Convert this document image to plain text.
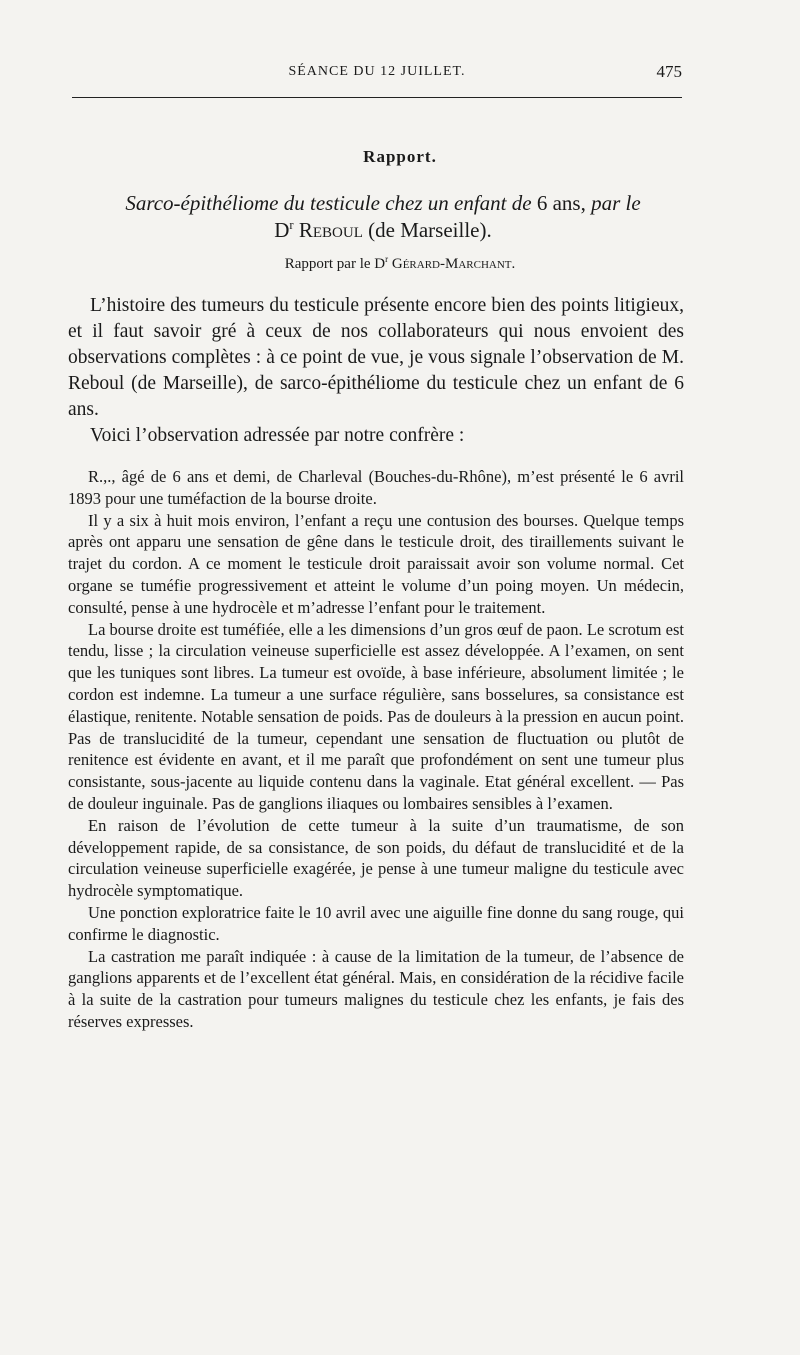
SÉANCE DU 12 JUILLET.	475
Rapport.
Sarco-épithéliome du testicule chez un enfant de 6 ans, par le
$D^r$ Reboul (de Marseille).
Rapport par le $D^r$ Gérard-Marchant.

L’histoire des tumeurs du testicule présente encore bien des points litigieux, et il faut savoir gré à ceux de nos collaborateurs qui nous envoient des observations complètes : à ce point de vue, je vous signale l’observation de M. Reboul (de Marseille), de sarco-épithéliome du testicule chez un enfant de 6 ans.

Voici l’observation adressée par notre confrère :

R.,., âgé de 6 ans et demi, de Charleval (Bouches-du-Rhône), m’est présenté le 6 avril 1893 pour une tuméfaction de la bourse droite.

Il y a six à huit mois environ, l’enfant a reçu une contusion des bourses. Quelque temps après ont apparu une sensation de gêne dans le testicule droit, des tiraillements suivant le trajet du cordon. A ce moment le testicule droit paraissait avoir son volume normal. Cet organe se tuméfie progressivement et atteint le volume d’un poing moyen. Un médecin, consulté, pense à une hydrocèle et m’adresse l’enfant pour le traitement.

La bourse droite est tuméfiée, elle a les dimensions d’un gros œuf de paon. Le scrotum est tendu, lisse ; la circulation veineuse superficielle est assez développée. A l’examen, on sent que les tuniques sont libres. La tumeur est ovoïde, à base inférieure, absolument limitée ; le cordon est indemne. La tumeur a une surface régulière, sans bosselures, sa consistance est élastique, renitente. Notable sensation de poids. Pas de douleurs à la pression en aucun point. Pas de translucidité de la tumeur, cependant une sensation de fluctuation ou plutôt de renitence est évidente en avant, et il me paraît que profondément on sent une tumeur plus consistante, sous-jacente au liquide contenu dans la vaginale. Etat général excellent. — Pas de douleur inguinale. Pas de ganglions iliaques ou lombaires sensibles à l’examen.

En raison de l’évolution de cette tumeur à la suite d’un traumatisme, de son développement rapide, de sa consistance, de son poids, du défaut de translucidité et de la circulation veineuse superficielle exagérée, je pense à une tumeur maligne du testicule avec hydrocèle symptomatique.

Une ponction exploratrice faite le 10 avril avec une aiguille fine donne du sang rouge, qui confirme le diagnostic.

La castration me paraît indiquée : à cause de la limitation de la tumeur, de l’absence de ganglions apparents et de l’excellent état général. Mais, en considération de la récidive facile à la suite de la castration pour tumeurs malignes du testicule chez les enfants, je fais des réserves expresses.
